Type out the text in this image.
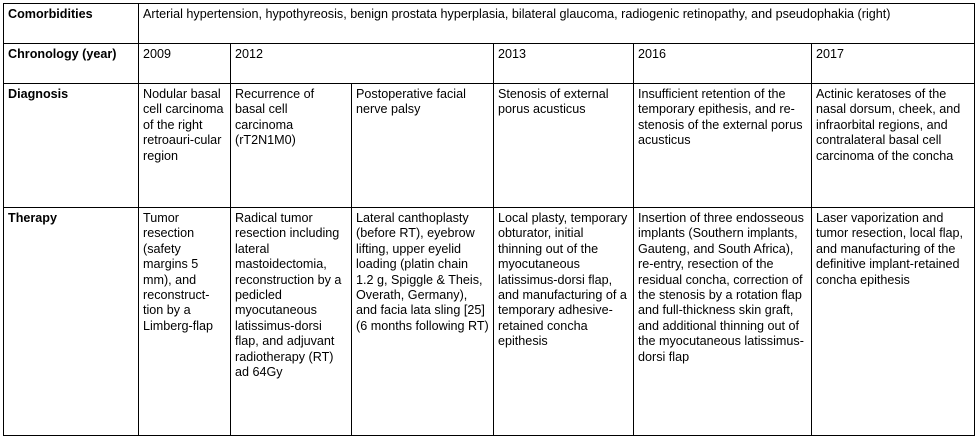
Comorbidities	Arterial hypertension, hypothyreosis, benign prostata hyperplasia, bilateral glaucoma, radiogenic retinopathy, and pseudophakia (right)					
Chronology (year)	2009	2012		2013	2016	2017
Diagnosis	Nodular basal cell carcinoma of the right retroauri-cular region	Recurrence of basal cell carcinoma (rT2N1M0)	Postoperative facial nerve palsy	Stenosis of external porus acusticus	Insufficient retention of the temporary epithesis, and re-stenosis of the external porus acusticus	Actinic keratoses of the nasal dorsum, cheek, and infraorbital regions, and contralateral basal cell carcinoma of the concha
Therapy	Tumor resection (safety margins 5 mm), and reconstruct-tion by a Limberg-flap	Radical tumor resection including lateral mastoidectomia, reconstruction by a pedicled myocutaneous latissimus-dorsi flap, and adjuvant radiotherapy (RT) ad 64Gy	Lateral canthoplasty (before RT), eyebrow lifting, upper eyelid loading (platin chain 1.2 g, Spiggle & Theis, Overath, Germany), and facia lata sling [25] (6 months following RT)	Local plasty, temporary obturator, initial thinning out of the myocutaneous latissimus-dorsi flap, and manufacturing of a temporary adhesive-retained concha epithesis	Insertion of three endosseous implants (Southern implants, Gauteng, and South Africa), re-entry, resection of the residual concha, correction of the stenosis by a rotation flap and full-thickness skin graft, and additional thinning out of the myocutaneous latissimus-dorsi flap	Laser vaporization and tumor resection, local flap, and manufacturing of the definitive implant-retained concha epithesis
